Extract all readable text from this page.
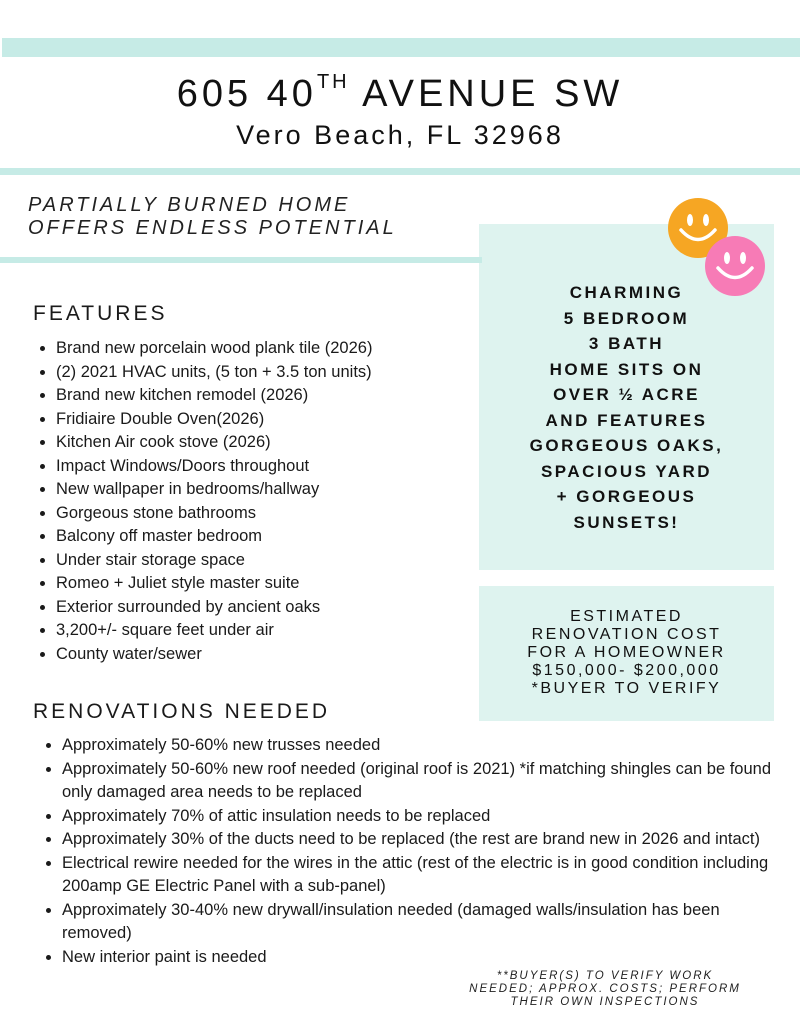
605 40TH AVENUE SW
Vero Beach, FL 32968
PARTIALLY BURNED HOME
OFFERS ENDLESS POTENTIAL
FEATURES
• Brand new porcelain wood plank tile (2026)
• (2) 2021 HVAC units, (5 ton + 3.5 ton units)
• Brand new kitchen remodel (2026)
• Fridiaire Double Oven(2026)
• Kitchen Air cook stove (2026)
• Impact Windows/Doors throughout
• New wallpaper in bedrooms/hallway
• Gorgeous stone bathrooms
• Balcony off master bedroom
• Under stair storage space
• Romeo + Juliet style master suite
• Exterior surrounded by ancient oaks
• 3,200+/- square feet under air
• County water/sewer
CHARMING
5 BEDROOM
3 BATH
HOME SITS ON
OVER ½ ACRE
AND FEATURES
GORGEOUS OAKS,
SPACIOUS YARD
+ GORGEOUS
SUNSETS!
ESTIMATED
RENOVATION COST
FOR A HOMEOWNER
$150,000- $200,000
*BUYER TO VERIFY
RENOVATIONS NEEDED
• Approximately 50-60% new trusses needed
• Approximately 50-60% new roof needed (original roof is 2021) *if matching shingles can be found only damaged area needs to be replaced
• Approximately 70% of attic insulation needs to be replaced
• Approximately 30% of the ducts need to be replaced (the rest are brand new in 2026 and intact)
• Electrical rewire needed for the wires in the attic (rest of the electric is in good condition including 200amp GE Electric Panel with a sub-panel)
• Approximately 30-40% new drywall/insulation needed (damaged walls/insulation has been removed)
• New interior paint is needed
**BUYER(S) TO VERIFY WORK
NEEDED; APPROX. COSTS; PERFORM
THEIR OWN INSPECTIONS
